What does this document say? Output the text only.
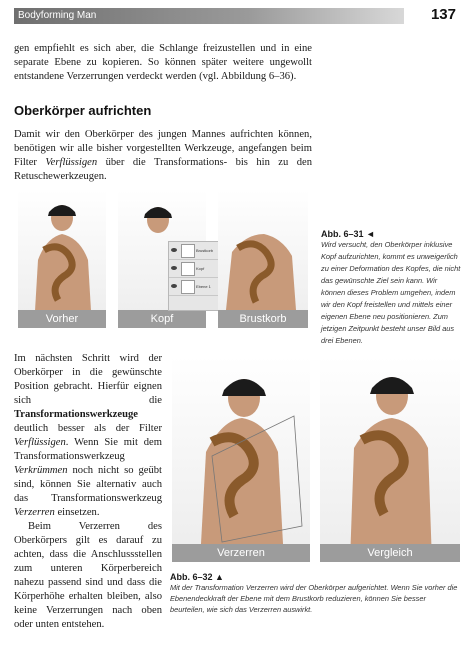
Bodyforming Man	137

gen empfiehlt es sich aber, die Schlange freizustellen und in eine separate Ebene zu kopieren. So können später weitere ungewollt entstandene Verzerrungen verdeckt werden (vgl. Abbildung 6–36).

Oberkörper aufrichten

Damit wir den Oberkörper des jungen Mannes aufrichten können, benötigen wir alle bisher vorgestellten Werkzeuge, angefangen beim Filter Verflüssigen über die Transformations- bis hin zu den Retuschewerkzeugen.

Vorher	Kopf
Brustkorb
Kopf
Ebene 1
Brustkorb
Abb. 6–31 ◄
Wird versucht, den Oberkörper inklusive Kopf aufzurichten, kommt es unweigerlich zu einer Deformation des Kopfes, die nicht das gewünschte Ziel sein kann. Wir können dieses Problem umgehen, indem wir den Kopf freistellen und mittels einer eigenen Ebene neu positionieren. Zum jetzigen Zeitpunkt besteht unser Bild aus drei Ebenen.

Im nächsten Schritt wird der Oberkörper in die gewünschte Position gebracht. Hierfür eignen sich die Transformationswerkzeuge deutlich besser als der Filter Verflüssigen. Wenn Sie mit dem Transformationswerkzeug Verkrümmen noch nicht so geübt sind, können Sie alternativ auch das Transformationswerkzeug Verzerren einsetzen.

Beim Verzerren des Oberkörpers gilt es darauf zu achten, dass die Anschlussstellen zum unteren Körperbereich nahezu passend sind und dass die Körperhöhe erhalten bleiben, also keine Verzerrungen nach oben oder unten entstehen.

Verzerren	Vergleich
Abb. 6–32 ▲
Mit der Transformation Verzerren wird der Oberkörper aufgerichtet. Wenn Sie vorher die Ebenendeckkraft der Ebene mit dem Brustkorb reduzieren, können Sie besser beurteilen, wie sich das Verzerren auswirkt.
